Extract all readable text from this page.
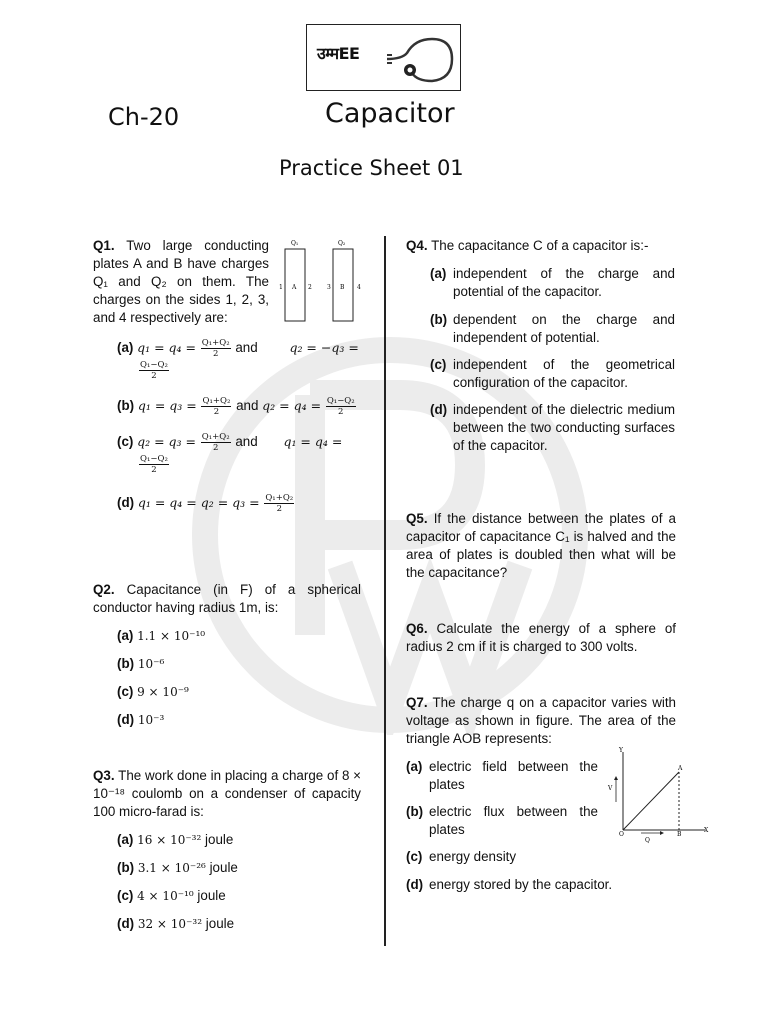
उम्मEE
Ch-20	Capacitor
Practice Sheet 01
Q1. Two large conducting plates A and B have charges Q₁ and Q₂ on them. The charges on the sides 1, 2, 3, and 4 respectively are:
Q₁	Q₂
1 A 2	3 B 4
(a) $q_1 = q_4 = \frac{\text{Q₁+Q₂}}{2}$ and	q₂ = −q₃ =
$\frac{\text{Q₁−Q₂}}{2}$
(b) $q_1 = q_3 = \frac{\text{Q₁+Q₂}}{2}$ and $q_2 = q_4 = \frac{\text{Q₁−Q₂}}{2}$
(c) $q_2 = q_3 = \frac{\text{Q₁+Q₂}}{2}$ and q₁ = q₄ =
$\frac{\text{Q₁−Q₂}}{2}$
(d) $q_1 = q_4 = q_2 = q_3 = \frac{\text{Q₁+Q₂}}{2}$
Q2. Capacitance (in F) of a spherical conductor having radius 1m, is:
(a) 1.1 × 10⁻¹⁰
(b) 10⁻⁶
(c) 9 × 10⁻⁹
(d) 10⁻³
Q3. The work done in placing a charge of 8 × 10⁻¹⁸ coulomb on a condenser of capacity 100 micro-farad is:
(a) 16 × 10⁻³² joule
(b) 3.1 × 10⁻²⁶ joule
(c) 4 × 10⁻¹⁰ joule
(d) 32 × 10⁻³² joule
Q4. The capacitance C of a capacitor is:-
(a) independent of the charge and potential of the capacitor.
(b) dependent on the charge and independent of potential.
(c) independent of the geometrical configuration of the capacitor.
(d) independent of the dielectric medium between the two conducting surfaces of the capacitor.
Q5. If the distance between the plates of a capacitor of capacitance C₁ is halved and the area of plates is doubled then what will be the capacitance?
Q6. Calculate the energy of a sphere of radius 2 cm if it is charged to 300 volts.
Q7. The charge q on a capacitor varies with voltage as shown in figure. The area of the triangle AOB represents:
(a) electric field between the plates
(b) electric flux between the plates
(c) energy density
(d) energy stored by the capacitor.
Y
X
A
O	B
V
Q
